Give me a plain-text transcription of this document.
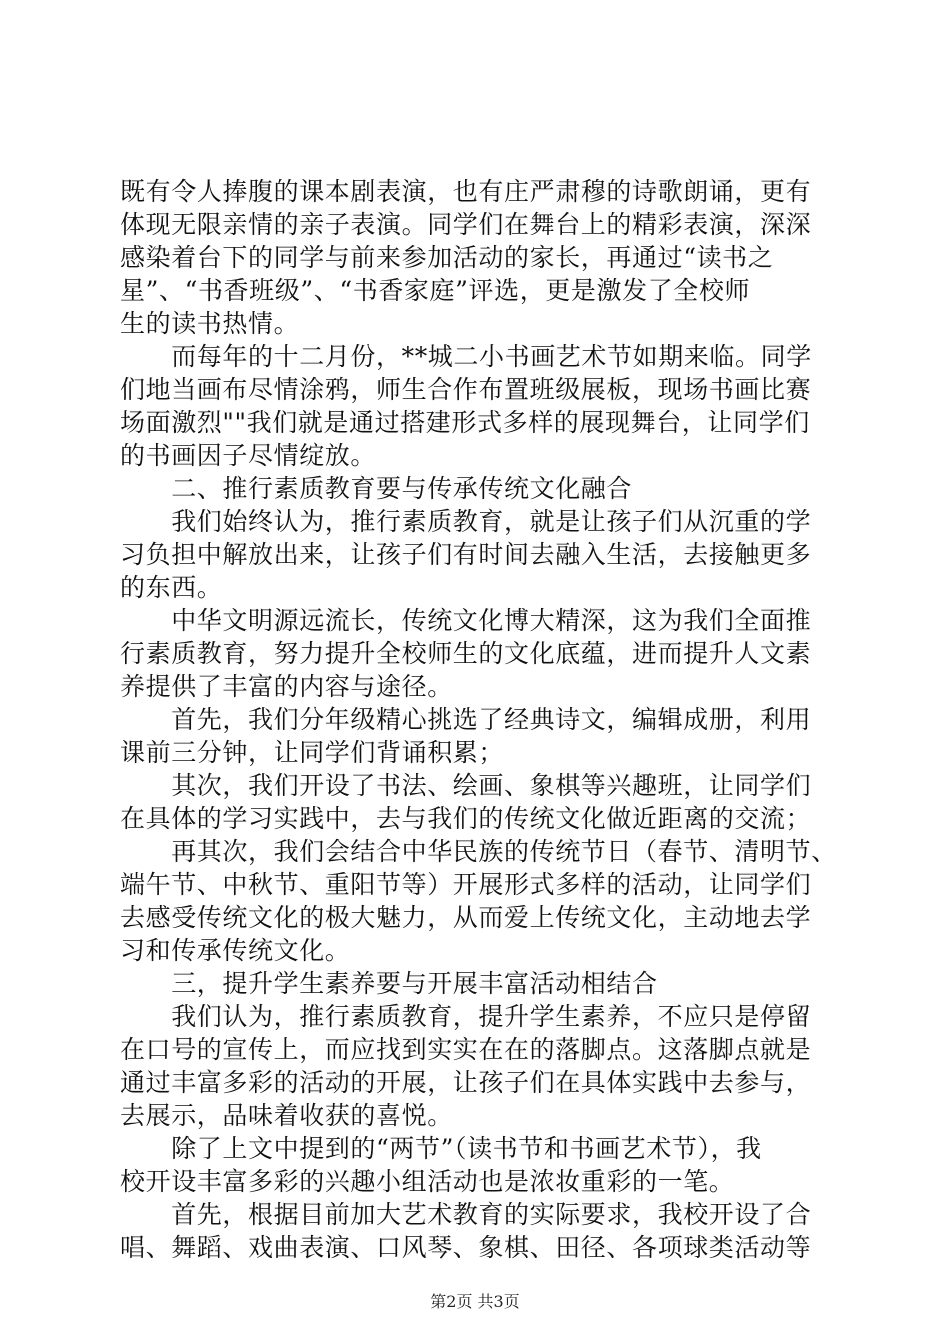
既有令人捧腹的课本剧表演，也有庄严肃穆的诗歌朗诵，更有
体现无限亲情的亲子表演。同学们在舞台上的精彩表演，深深
感染着台下的同学与前来参加活动的家长，再通过“读书之
星”、“书香班级”、“书香家庭”评选，更是激发了全校师
生的读书热情。
　　而每年的十二月份，**城二小书画艺术节如期来临。同学
们地当画布尽情涂鸦，师生合作布置班级展板，现场书画比赛
场面激烈""我们就是通过搭建形式多样的展现舞台，让同学们
的书画因子尽情绽放。
　　二、推行素质教育要与传承传统文化融合
　　我们始终认为，推行素质教育，就是让孩子们从沉重的学
习负担中解放出来，让孩子们有时间去融入生活，去接触更多
的东西。
　　中华文明源远流长，传统文化博大精深，这为我们全面推
行素质教育，努力提升全校师生的文化底蕴，进而提升人文素
养提供了丰富的内容与途径。
　　首先，我们分年级精心挑选了经典诗文，编辑成册，利用
课前三分钟，让同学们背诵积累；
　　其次，我们开设了书法、绘画、象棋等兴趣班，让同学们
在具体的学习实践中，去与我们的传统文化做近距离的交流；
　　再其次，我们会结合中华民族的传统节日（春节、清明节、
端午节、中秋节、重阳节等）开展形式多样的活动，让同学们
去感受传统文化的极大魅力，从而爱上传统文化，主动地去学
习和传承传统文化。
　　三，提升学生素养要与开展丰富活动相结合
　　我们认为，推行素质教育，提升学生素养，不应只是停留
在口号的宣传上，而应找到实实在在的落脚点。这落脚点就是
通过丰富多彩的活动的开展，让孩子们在具体实践中去参与，
去展示，品味着收获的喜悦。
　　除了上文中提到的“两节”（读书节和书画艺术节），我
校开设丰富多彩的兴趣小组活动也是浓妆重彩的一笔。
　　首先，根据目前加大艺术教育的实际要求，我校开设了合
唱、舞蹈、戏曲表演、口风琴、象棋、田径、各项球类活动等
第2页 共3页
